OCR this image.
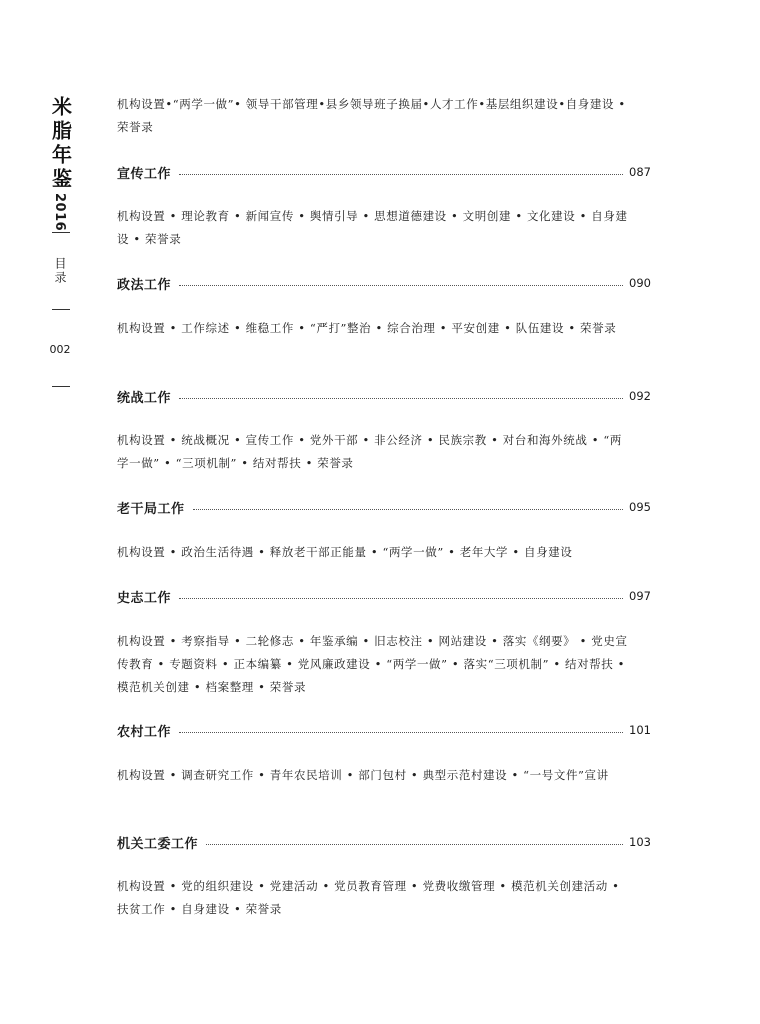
米脂年鉴
2016
目录
002
机构设置•“两学一做”• 领导干部管理•县乡领导班子换届•人才工作•基层组织建设•自身建设 • 荣誉录
宣传工作	087
机构设置 • 理论教育 • 新闻宣传 • 舆情引导 • 思想道德建设 • 文明创建 • 文化建设 • 自身建设 • 荣誉录
政法工作	090
机构设置 • 工作综述 • 维稳工作 • “严打”整治 • 综合治理 • 平安创建 • 队伍建设 • 荣誉录
统战工作	092
机构设置 • 统战概况 • 宣传工作 • 党外干部 • 非公经济 • 民族宗教 • 对台和海外统战 • “两学一做” • “三项机制” • 结对帮扶 • 荣誉录
老干局工作	095
机构设置 • 政治生活待遇 • 释放老干部正能量 • “两学一做” • 老年大学 • 自身建设
史志工作	097
机构设置 • 考察指导 • 二轮修志 • 年鉴承编 • 旧志校注 • 网站建设 • 落实《纲要》 • 党史宣传教育 • 专题资料 • 正本编纂 • 党风廉政建设 • “两学一做” • 落实“三项机制” • 结对帮扶 • 模范机关创建 • 档案整理 • 荣誉录
农村工作	101
机构设置 • 调查研究工作 • 青年农民培训 • 部门包村 • 典型示范村建设 • “一号文件”宣讲
机关工委工作	103
机构设置 • 党的组织建设 • 党建活动 • 党员教育管理 • 党费收缴管理 • 模范机关创建活动 • 扶贫工作 • 自身建设 • 荣誉录
